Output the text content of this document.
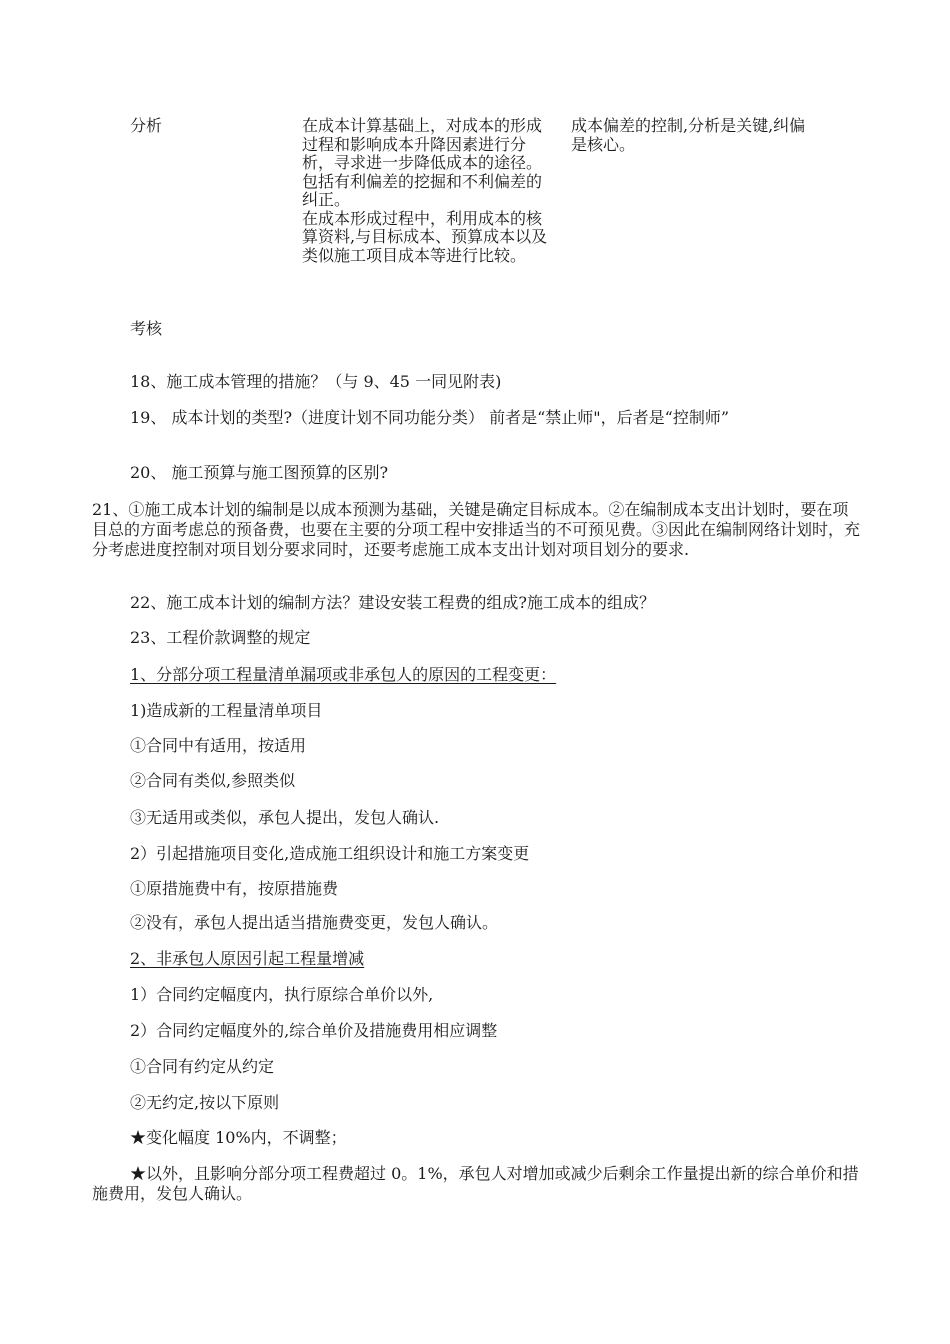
分析	在成本计算基础上，对成本的形成过程和影响成本升降因素进行分析，寻求进一步降低成本的途径。包括有利偏差的挖掘和不利偏差的纠正。

在成本形成过程中，利用成本的核算资料,与目标成本、预算成本以及类似施工项目成本等进行比较。

成本偏差的控制,分析是关键,纠偏是核心。
考核
18、施工成本管理的措施？（与 9、45 一同见附表)
19、 成本计划的类型?（进度计划不同功能分类） 前者是“禁止师"，后者是“控制师”
20、 施工预算与施工图预算的区别?
21、①施工成本计划的编制是以成本预测为基础，关键是确定目标成本。②在编制成本支出计划时，要在项目总的方面考虑总的预备费，也要在主要的分项工程中安排适当的不可预见费。③因此在编制网络计划时，充分考虑进度控制对项目划分要求同时，还要考虑施工成本支出计划对项目划分的要求.
22、施工成本计划的编制方法？建设安装工程费的组成?施工成本的组成？
23、工程价款调整的规定
1、分部分项工程量清单漏项或非承包人的原因的工程变更：
1)造成新的工程量清单项目
①合同中有适用，按适用
②合同有类似,参照类似
③无适用或类似，承包人提出，发包人确认.
2）引起措施项目变化,造成施工组织设计和施工方案变更
①原措施费中有，按原措施费
②没有，承包人提出适当措施费变更，发包人确认。
2、非承包人原因引起工程量增减
1）合同约定幅度内，执行原综合单价以外,
2）合同约定幅度外的,综合单价及措施费用相应调整
①合同有约定从约定
②无约定,按以下原则
★变化幅度 10%内，不调整；
★以外，且影响分部分项工程费超过 0。1%，承包人对增加或减少后剩余工作量提出新的综合单价和措施费用，发包人确认。
